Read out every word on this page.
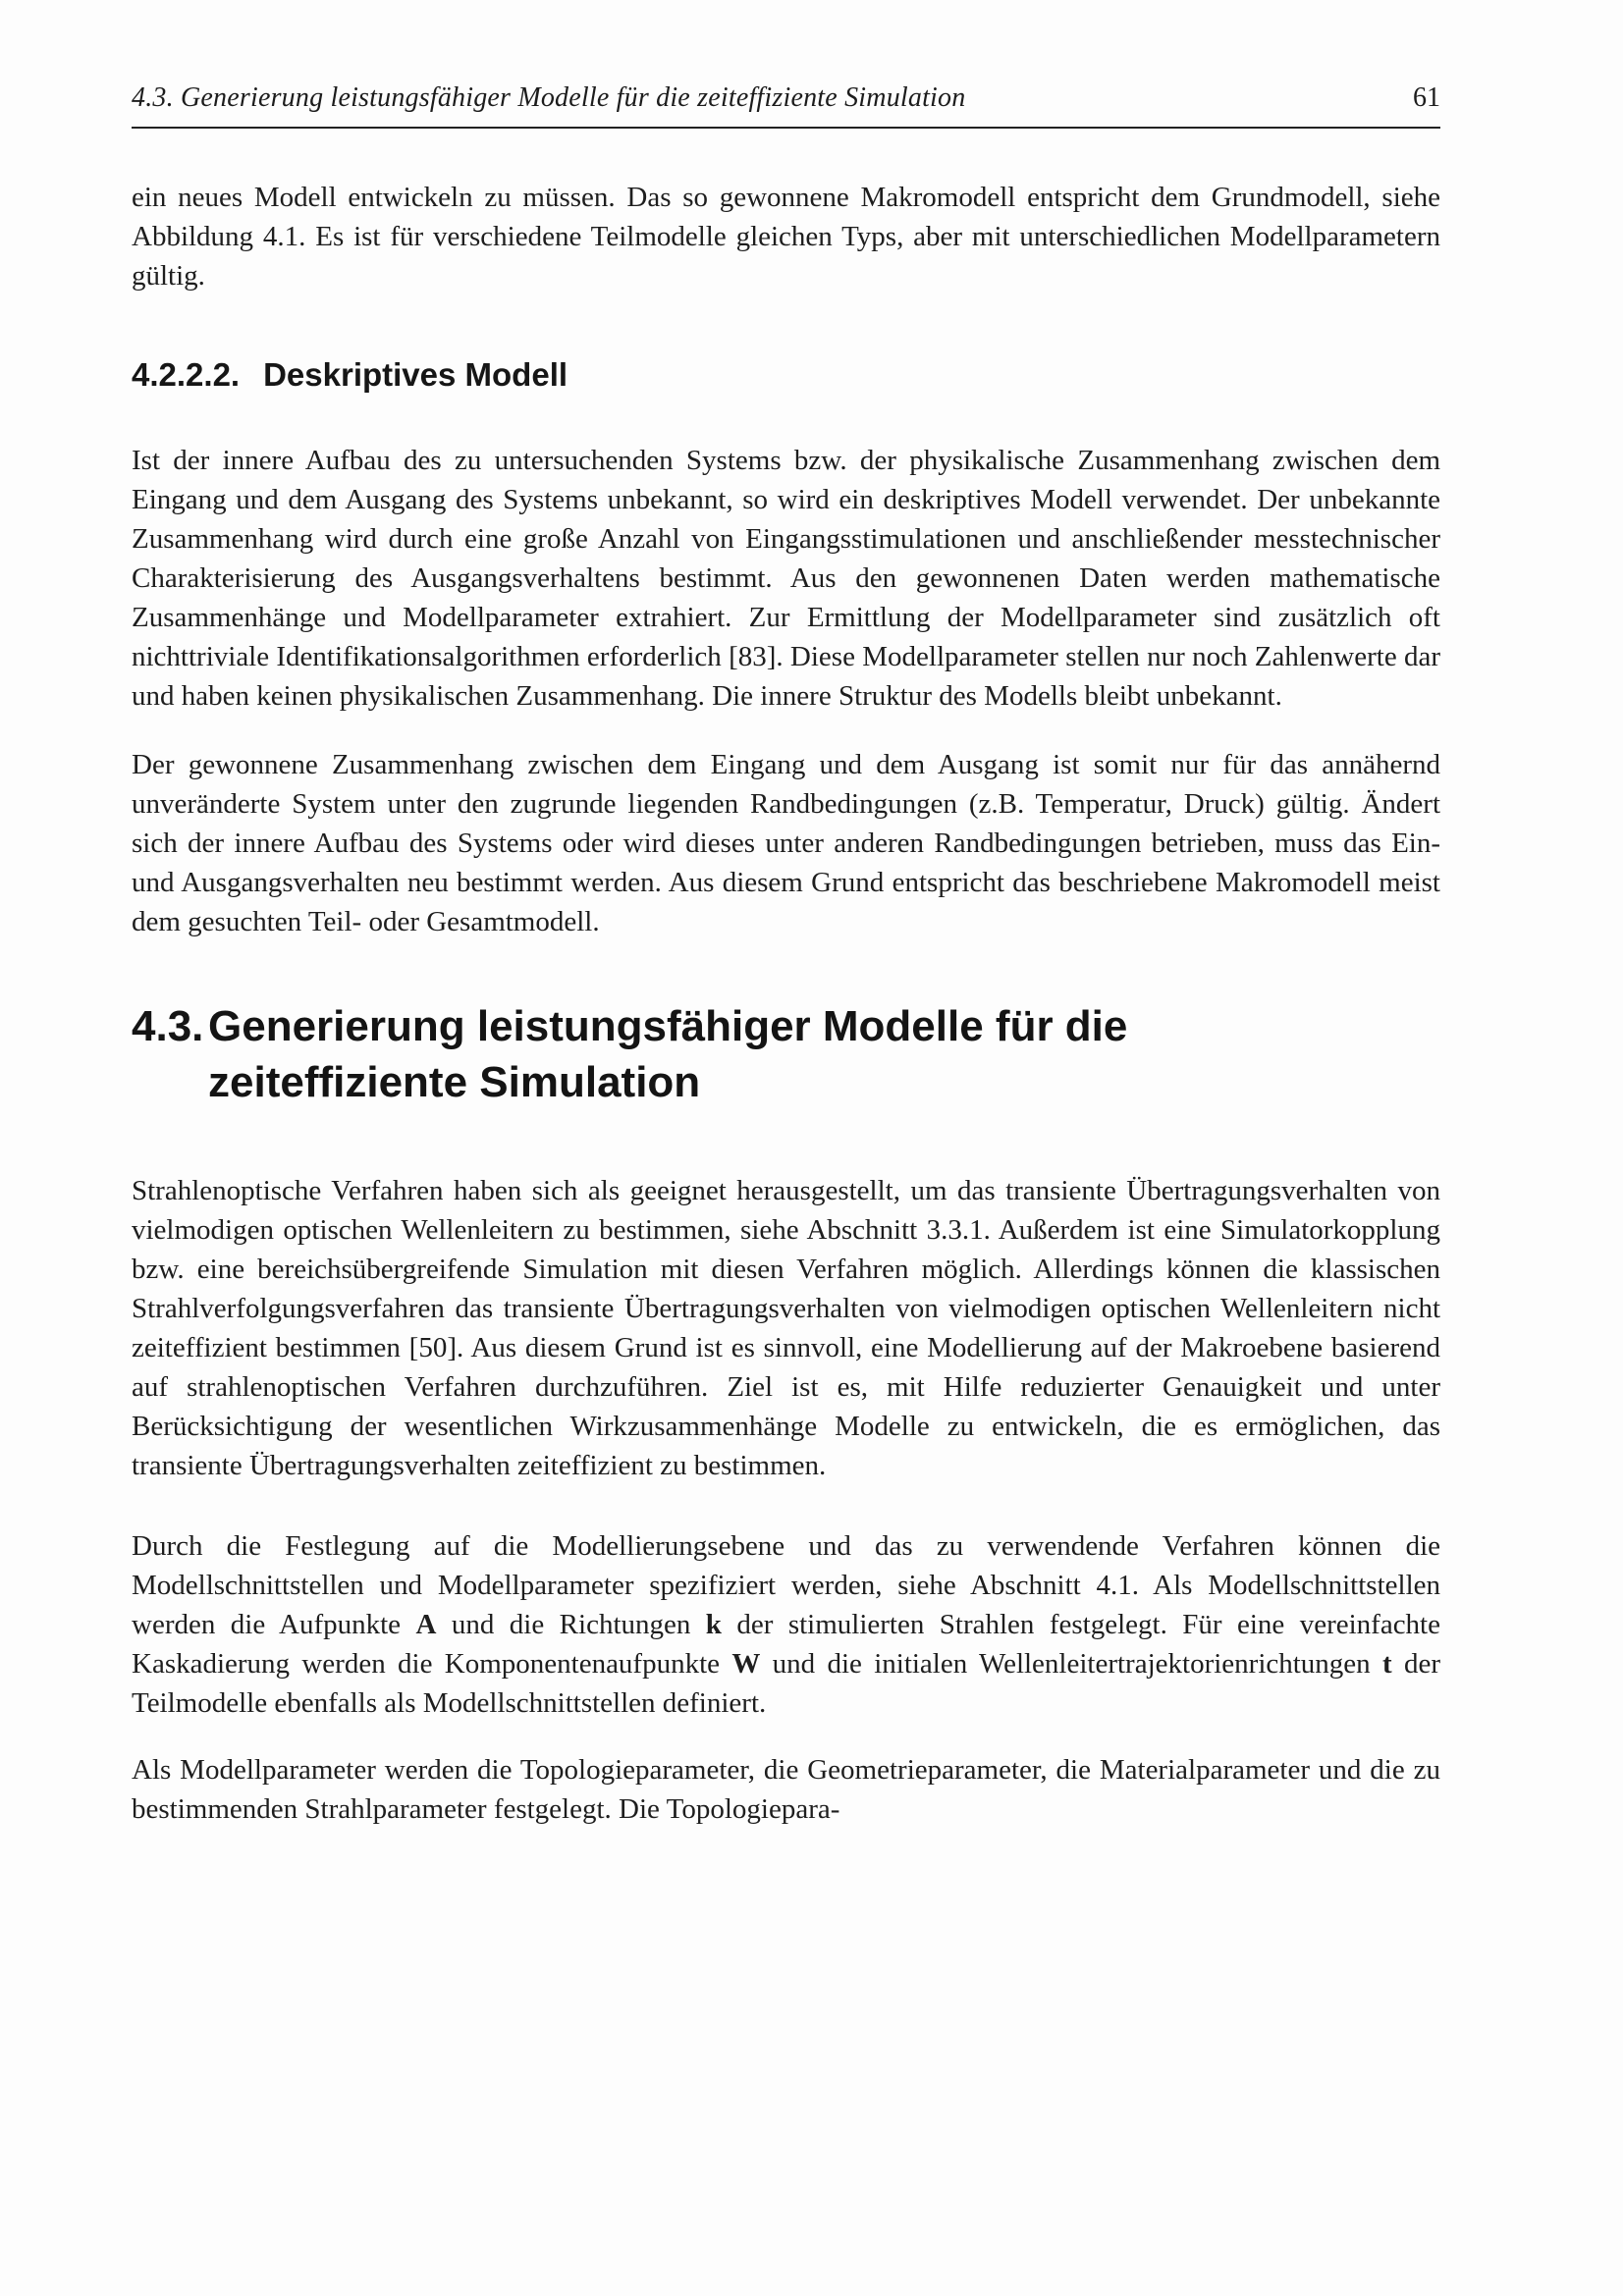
4.3. Generierung leistungsfähiger Modelle für die zeiteffiziente Simulation	61

ein neues Modell entwickeln zu müssen. Das so gewonnene Makromodell entspricht dem Grundmodell, siehe Abbildung 4.1. Es ist für verschiedene Teilmodelle gleichen Typs, aber mit unterschiedlichen Modellparametern gültig.

4.2.2.2. Deskriptives Modell

Ist der innere Aufbau des zu untersuchenden Systems bzw. der physikalische Zusammenhang zwischen dem Eingang und dem Ausgang des Systems unbekannt, so wird ein deskriptives Modell verwendet. Der unbekannte Zusammenhang wird durch eine große Anzahl von Eingangsstimulationen und anschließender messtechnischer Charakterisierung des Ausgangsverhaltens bestimmt. Aus den gewonnenen Daten werden mathematische Zusammenhänge und Modellparameter extrahiert. Zur Ermittlung der Modellparameter sind zusätzlich oft nichttriviale Identifikationsalgorithmen erforderlich [83]. Diese Modellparameter stellen nur noch Zahlenwerte dar und haben keinen physikalischen Zusammenhang. Die innere Struktur des Modells bleibt unbekannt.

Der gewonnene Zusammenhang zwischen dem Eingang und dem Ausgang ist somit nur für das annähernd unveränderte System unter den zugrunde liegenden Randbedingungen (z.B. Temperatur, Druck) gültig. Ändert sich der innere Aufbau des Systems oder wird dieses unter anderen Randbedingungen betrieben, muss das Ein- und Ausgangsverhalten neu bestimmt werden. Aus diesem Grund entspricht das beschriebene Makromodell meist dem gesuchten Teil- oder Gesamtmodell.

4.3. Generierung leistungsfähiger Modelle für die
zeiteffiziente Simulation

Strahlenoptische Verfahren haben sich als geeignet herausgestellt, um das transiente Übertragungsverhalten von vielmodigen optischen Wellenleitern zu bestimmen, siehe Abschnitt 3.3.1. Außerdem ist eine Simulatorkopplung bzw. eine bereichsübergreifende Simulation mit diesen Verfahren möglich. Allerdings können die klassischen Strahlverfolgungsverfahren das transiente Übertragungsverhalten von vielmodigen optischen Wellenleitern nicht zeiteffizient bestimmen [50]. Aus diesem Grund ist es sinnvoll, eine Modellierung auf der Makroebene basierend auf strahlenoptischen Verfahren durchzuführen. Ziel ist es, mit Hilfe reduzierter Genauigkeit und unter Berücksichtigung der wesentlichen Wirkzusammenhänge Modelle zu entwickeln, die es ermöglichen, das transiente Übertragungsverhalten zeiteffizient zu bestimmen.

Durch die Festlegung auf die Modellierungsebene und das zu verwendende Verfahren können die Modellschnittstellen und Modellparameter spezifiziert werden, siehe Abschnitt 4.1. Als Modellschnittstellen werden die Aufpunkte A und die Richtungen k der stimulierten Strahlen festgelegt. Für eine vereinfachte Kaskadierung werden die Komponentenaufpunkte W und die initialen Wellenleitertrajektorienrichtungen t der Teilmodelle ebenfalls als Modellschnittstellen definiert.

Als Modellparameter werden die Topologieparameter, die Geometrieparameter, die Materialparameter und die zu bestimmenden Strahlparameter festgelegt. Die Topologiepara-
